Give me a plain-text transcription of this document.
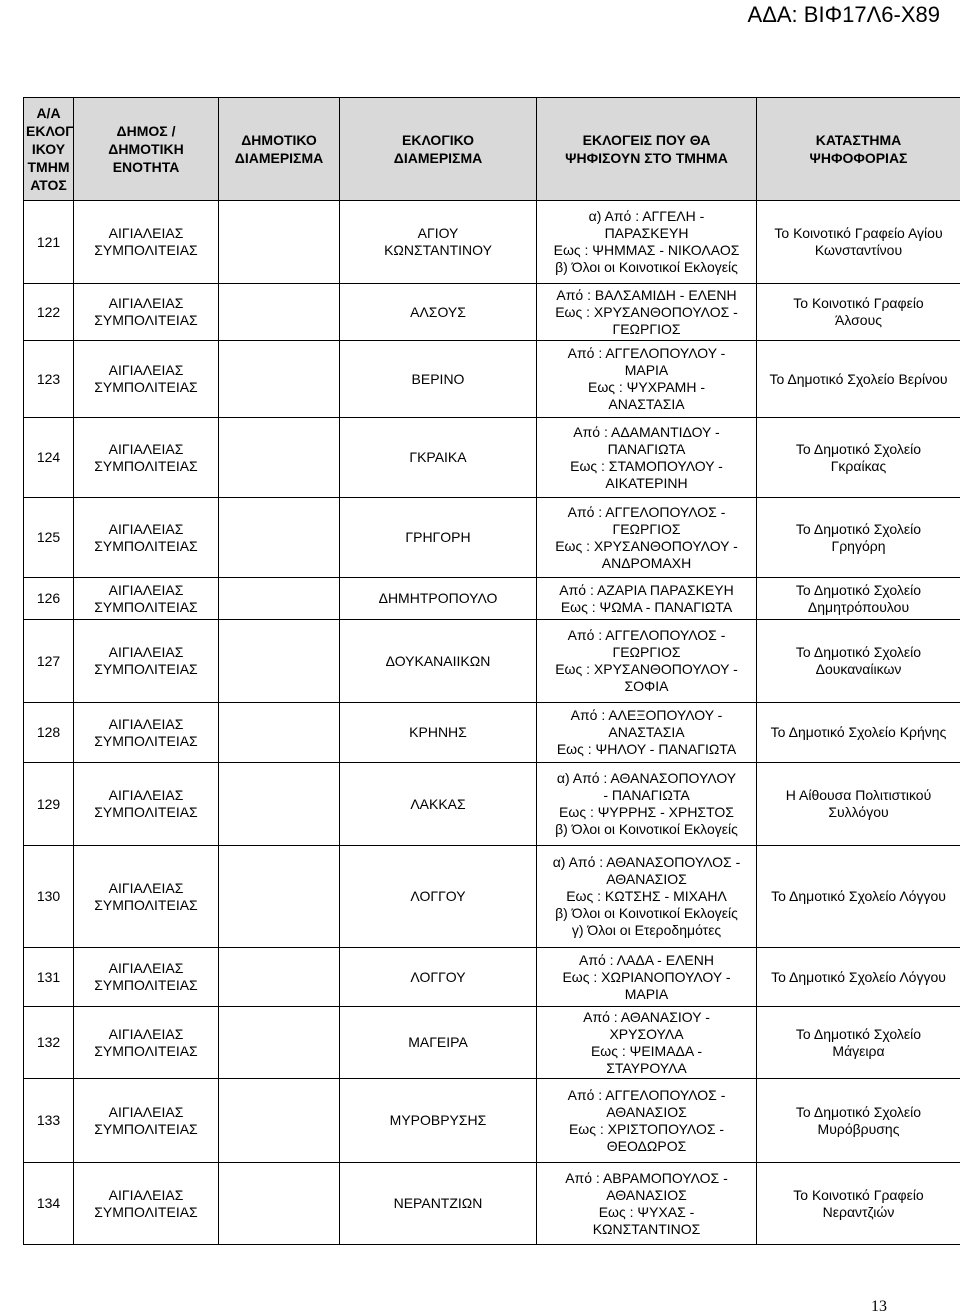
ΑΔΑ: ΒΙΦ17Λ6-Χ89
Α/Α
ΕΚΛΟΓ
ΙΚΟΥ
ΤΜΗΜ
ΑΤΟΣ	ΔΗΜΟΣ /
ΔΗΜΟΤΙΚΗ
ΕΝΟΤΗΤΑ	ΔΗΜΟΤΙΚΟ
ΔΙΑΜΕΡΙΣΜΑ	ΕΚΛΟΓΙΚΟ
ΔΙΑΜΕΡΙΣΜΑ	ΕΚΛΟΓΕΙΣ ΠΟΥ ΘΑ
ΨΗΦΙΣΟΥΝ ΣΤΟ ΤΜΗΜΑ	ΚΑΤΑΣΤΗΜΑ
ΨΗΦΟΦΟΡΙΑΣ
121	ΑΙΓΙΑΛΕΙΑΣ
ΣΥΜΠΟΛΙΤΕΙΑΣ		ΑΓΙΟΥ
ΚΩΝΣΤΑΝΤΙΝΟΥ	α) Από : ΑΓΓΕΛΗ -
ΠΑΡΑΣΚΕΥΗ
Εως : ΨΗΜΜΑΣ - ΝΙΚΟΛΑΟΣ
β) Όλοι οι Κοινοτικοί Εκλογείς	Το Κοινοτικό Γραφείο Αγίου
Κωνσταντίνου
122	ΑΙΓΙΑΛΕΙΑΣ
ΣΥΜΠΟΛΙΤΕΙΑΣ		ΑΛΣΟΥΣ	Από : ΒΑΛΣΑΜΙΔΗ - ΕΛΕΝΗ
Εως : ΧΡΥΣΑΝΘΟΠΟΥΛΟΣ -
ΓΕΩΡΓΙΟΣ	Το Κοινοτικό Γραφείο
Άλσους
123	ΑΙΓΙΑΛΕΙΑΣ
ΣΥΜΠΟΛΙΤΕΙΑΣ		ΒΕΡΙΝΟ	Από : ΑΓΓΕΛΟΠΟΥΛΟΥ -
ΜΑΡΙΑ
Εως : ΨΥΧΡΑΜΗ -
ΑΝΑΣΤΑΣΙΑ	Το Δημοτικό Σχολείο Βερίνου
124	ΑΙΓΙΑΛΕΙΑΣ
ΣΥΜΠΟΛΙΤΕΙΑΣ		ΓΚΡΑΙΚΑ	Από : ΑΔΑΜΑΝΤΙΔΟΥ -
ΠΑΝΑΓΙΩΤΑ
Εως : ΣΤΑΜΟΠΟΥΛΟΥ -
ΑΙΚΑΤΕΡΙΝΗ	Το Δημοτικό Σχολείο
Γκραίκας
125	ΑΙΓΙΑΛΕΙΑΣ
ΣΥΜΠΟΛΙΤΕΙΑΣ		ΓΡΗΓΟΡΗ	Από : ΑΓΓΕΛΟΠΟΥΛΟΣ -
ΓΕΩΡΓΙΟΣ
Εως : ΧΡΥΣΑΝΘΟΠΟΥΛΟΥ -
ΑΝΔΡΟΜΑΧΗ	Το Δημοτικό Σχολείο
Γρηγόρη
126	ΑΙΓΙΑΛΕΙΑΣ
ΣΥΜΠΟΛΙΤΕΙΑΣ		ΔΗΜΗΤΡΟΠΟΥΛΟ	Από : ΑΖΑΡΙΑ ΠΑΡΑΣΚΕΥΗ
Εως : ΨΩΜΑ - ΠΑΝΑΓΙΩΤΑ	Το Δημοτικό Σχολείο
Δημητρόπουλου
127	ΑΙΓΙΑΛΕΙΑΣ
ΣΥΜΠΟΛΙΤΕΙΑΣ		ΔΟΥΚΑΝΑΙΙΚΩΝ	Από : ΑΓΓΕΛΟΠΟΥΛΟΣ -
ΓΕΩΡΓΙΟΣ
Εως : ΧΡΥΣΑΝΘΟΠΟΥΛΟΥ -
ΣΟΦΙΑ	Το Δημοτικό Σχολείο
Δουκαναίικων
128	ΑΙΓΙΑΛΕΙΑΣ
ΣΥΜΠΟΛΙΤΕΙΑΣ		ΚΡΗΝΗΣ	Από : ΑΛΕΞΟΠΟΥΛΟΥ -
ΑΝΑΣΤΑΣΙΑ
Εως : ΨΗΛΟΥ - ΠΑΝΑΓΙΩΤΑ	Το Δημοτικό Σχολείο Κρήνης
129	ΑΙΓΙΑΛΕΙΑΣ
ΣΥΜΠΟΛΙΤΕΙΑΣ		ΛΑΚΚΑΣ	α) Από : ΑΘΑΝΑΣΟΠΟΥΛΟΥ
- ΠΑΝΑΓΙΩΤΑ
Εως : ΨΥΡΡΗΣ - ΧΡΗΣΤΟΣ
β) Όλοι οι Κοινοτικοί Εκλογείς	Η Αίθουσα Πολιτιστικού
Συλλόγου
130	ΑΙΓΙΑΛΕΙΑΣ
ΣΥΜΠΟΛΙΤΕΙΑΣ		ΛΟΓΓΟΥ	α) Από : ΑΘΑΝΑΣΟΠΟΥΛΟΣ -
ΑΘΑΝΑΣΙΟΣ
Εως : ΚΩΤΣΗΣ - ΜΙΧΑΗΛ
β) Όλοι οι Κοινοτικοί Εκλογείς
γ) Όλοι οι Ετεροδημότες	Το Δημοτικό Σχολείο Λόγγου
131	ΑΙΓΙΑΛΕΙΑΣ
ΣΥΜΠΟΛΙΤΕΙΑΣ		ΛΟΓΓΟΥ	Από : ΛΑΔΑ - ΕΛΕΝΗ
Εως : ΧΩΡΙΑΝΟΠΟΥΛΟΥ -
ΜΑΡΙΑ	Το Δημοτικό Σχολείο Λόγγου
132	ΑΙΓΙΑΛΕΙΑΣ
ΣΥΜΠΟΛΙΤΕΙΑΣ		ΜΑΓΕΙΡΑ	Από : ΑΘΑΝΑΣΙΟΥ -
ΧΡΥΣΟΥΛΑ
Εως : ΨΕΙΜΑΔΑ -
ΣΤΑΥΡΟΥΛΑ	Το Δημοτικό Σχολείο
Μάγειρα
133	ΑΙΓΙΑΛΕΙΑΣ
ΣΥΜΠΟΛΙΤΕΙΑΣ		ΜΥΡΟΒΡΥΣΗΣ	Από : ΑΓΓΕΛΟΠΟΥΛΟΣ -
ΑΘΑΝΑΣΙΟΣ
Εως : ΧΡΙΣΤΟΠΟΥΛΟΣ -
ΘΕΟΔΩΡΟΣ	Το Δημοτικό Σχολείο
Μυρόβρυσης
134	ΑΙΓΙΑΛΕΙΑΣ
ΣΥΜΠΟΛΙΤΕΙΑΣ		ΝΕΡΑΝΤΖΙΩΝ	Από : ΑΒΡΑΜΟΠΟΥΛΟΣ -
ΑΘΑΝΑΣΙΟΣ
Εως : ΨΥΧΑΣ -
ΚΩΝΣΤΑΝΤΙΝΟΣ	Το Κοινοτικό Γραφείο
Νεραντζιών
13
